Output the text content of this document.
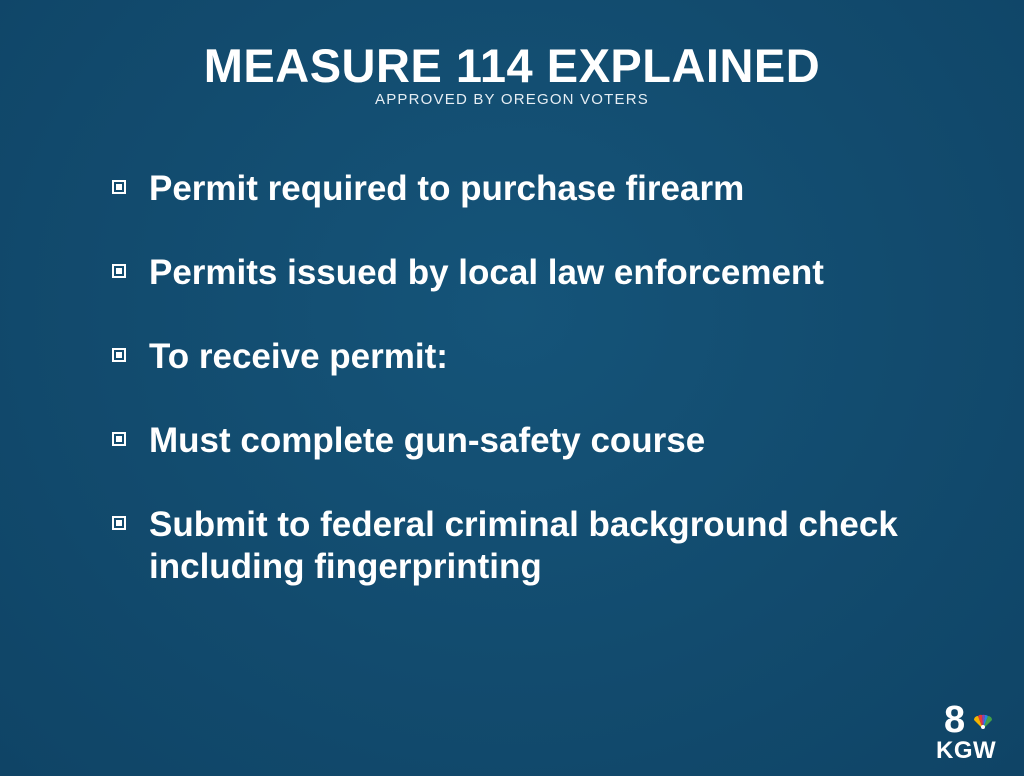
MEASURE 114 EXPLAINED
APPROVED BY OREGON VOTERS
Permit required to purchase firearm
Permits issued by local law enforcement
To receive permit:
Must complete gun-safety course
Submit to federal criminal background check including fingerprinting
8
KGW
